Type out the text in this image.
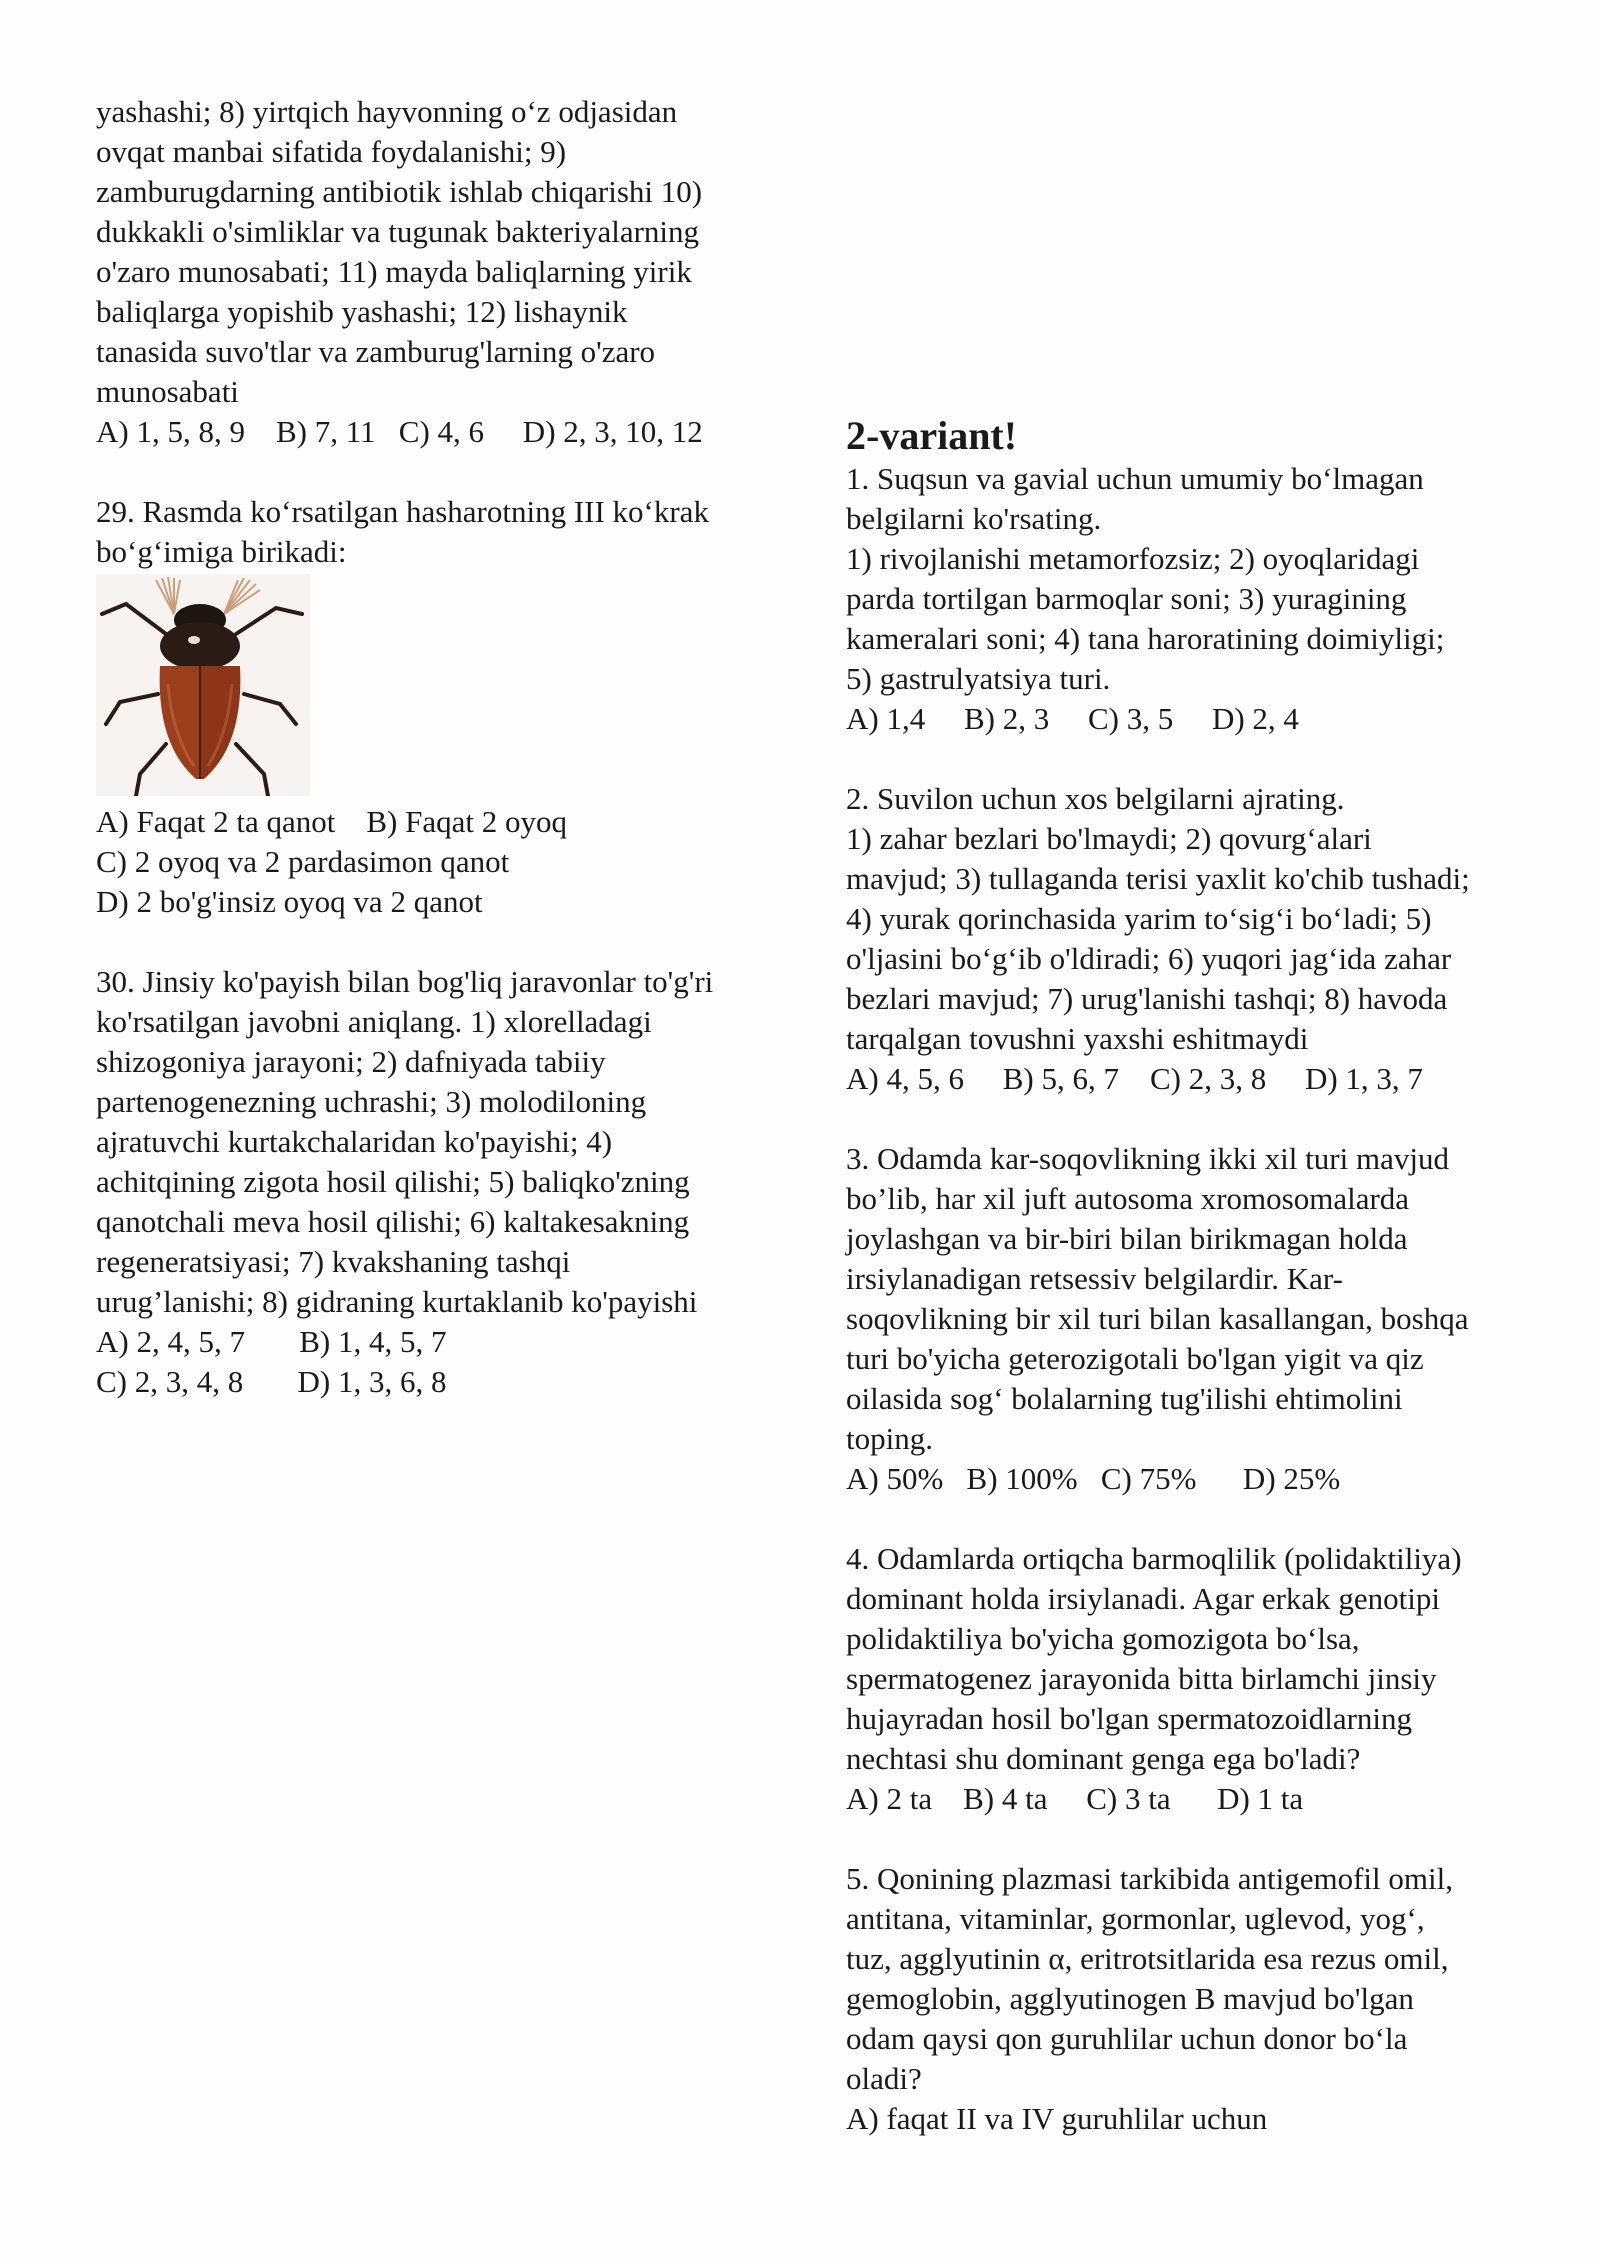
yashashi; 8) yirtqich hayvonning o‘z odjasidan

ovqat manbai sifatida foydalanishi; 9)

zamburugdarning antibiotik ishlab chiqarishi 10)

dukkakli o'simliklar va tugunak bakteriyalarning

o'zaro munosabati; 11) mayda baliqlarning yirik

baliqlarga yopishib yashashi; 12) lishaynik

tanasida suvo'tlar va zamburug'larning o'zaro

munosabati

A) 1, 5, 8, 9    B) 7, 11   C) 4, 6     D) 2, 3, 10, 12

29. Rasmda ko‘rsatilgan hasharotning III ko‘krak

bo‘g‘imiga birikadi:

A) Faqat 2 ta qanot    B) Faqat 2 oyoq

C) 2 oyoq va 2 pardasimon qanot

D) 2 bo'g'insiz oyoq va 2 qanot

30. Jinsiy ko'payish bilan bog'liq jaravonlar to'g'ri

ko'rsatilgan javobni aniqlang. 1) xlorelladagi

shizogoniya jarayoni; 2) dafniyada tabiiy

partenogenezning uchrashi; 3) molodiloning

ajratuvchi kurtakchalaridan ko'payishi; 4)

achitqining zigota hosil qilishi; 5) baliqko'zning

qanotchali meva hosil qilishi; 6) kaltakesakning

regeneratsiyasi; 7) kvakshaning tashqi

urug’lanishi; 8) gidraning kurtaklanib ko'payishi

A) 2, 4, 5, 7       B) 1, 4, 5, 7

C) 2, 3, 4, 8       D) 1, 3, 6, 8

2-variant!

1. Suqsun va gavial uchun umumiy bo‘lmagan

belgilarni ko'rsating.

1) rivojlanishi metamorfozsiz; 2) oyoqlaridagi

parda tortilgan barmoqlar soni; 3) yuragining

kameralari soni; 4) tana haroratining doimiyligi;

5) gastrulyatsiya turi.

A) 1,4     B) 2, 3     C) 3, 5     D) 2, 4

2. Suvilon uchun xos belgilarni ajrating.

1) zahar bezlari bo'lmaydi; 2) qovurg‘alari

mavjud; 3) tullaganda terisi yaxlit ko'chib tushadi;

4) yurak qorinchasida yarim to‘sig‘i bo‘ladi; 5)

o'ljasini bo‘g‘ib o'ldiradi; 6) yuqori jag‘ida zahar

bezlari mavjud; 7) urug'lanishi tashqi; 8) havoda

tarqalgan tovushni yaxshi eshitmaydi

A) 4, 5, 6     B) 5, 6, 7    C) 2, 3, 8     D) 1, 3, 7

3. Odamda kar-soqovlikning ikki xil turi mavjud

bo’lib, har xil juft autosoma xromosomalarda

joylashgan va bir-biri bilan birikmagan holda

irsiylanadigan retsessiv belgilardir. Kar-

soqovlikning bir xil turi bilan kasallangan, boshqa

turi bo'yicha geterozigotali bo'lgan yigit va qiz

oilasida sog‘ bolalarning tug'ilishi ehtimolini

toping.

A) 50%   B) 100%   C) 75%      D) 25%

4. Odamlarda ortiqcha barmoqlilik (polidaktiliya)

dominant holda irsiylanadi. Agar erkak genotipi

polidaktiliya bo'yicha gomozigota bo‘lsa,

spermatogenez jarayonida bitta birlamchi jinsiy

hujayradan hosil bo'lgan spermatozoidlarning

nechtasi shu dominant genga ega bo'ladi?

A) 2 ta    B) 4 ta     C) 3 ta      D) 1 ta

5. Qonining plazmasi tarkibida antigemofil omil,

antitana, vitaminlar, gormonlar, uglevod, yog‘,

tuz, agglyutinin α, eritrotsitlarida esa rezus omil,

gemoglobin, agglyutinogen B mavjud bo'lgan

odam qaysi qon guruhlilar uchun donor bo‘la

oladi?

A) faqat II va IV guruhlilar uchun
